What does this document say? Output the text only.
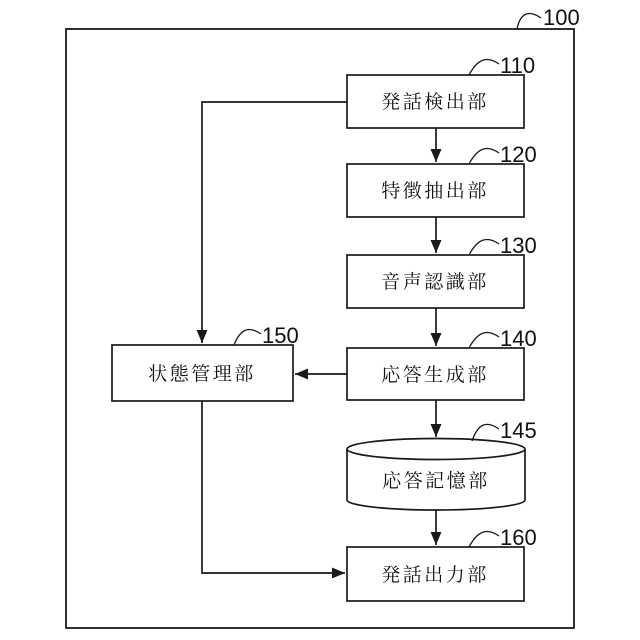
発話検出部
特徴抽出部
音声認識部
応答生成部
応答記憶部
状態管理部
発話出力部
100
110
120
130
140
145
150
160
